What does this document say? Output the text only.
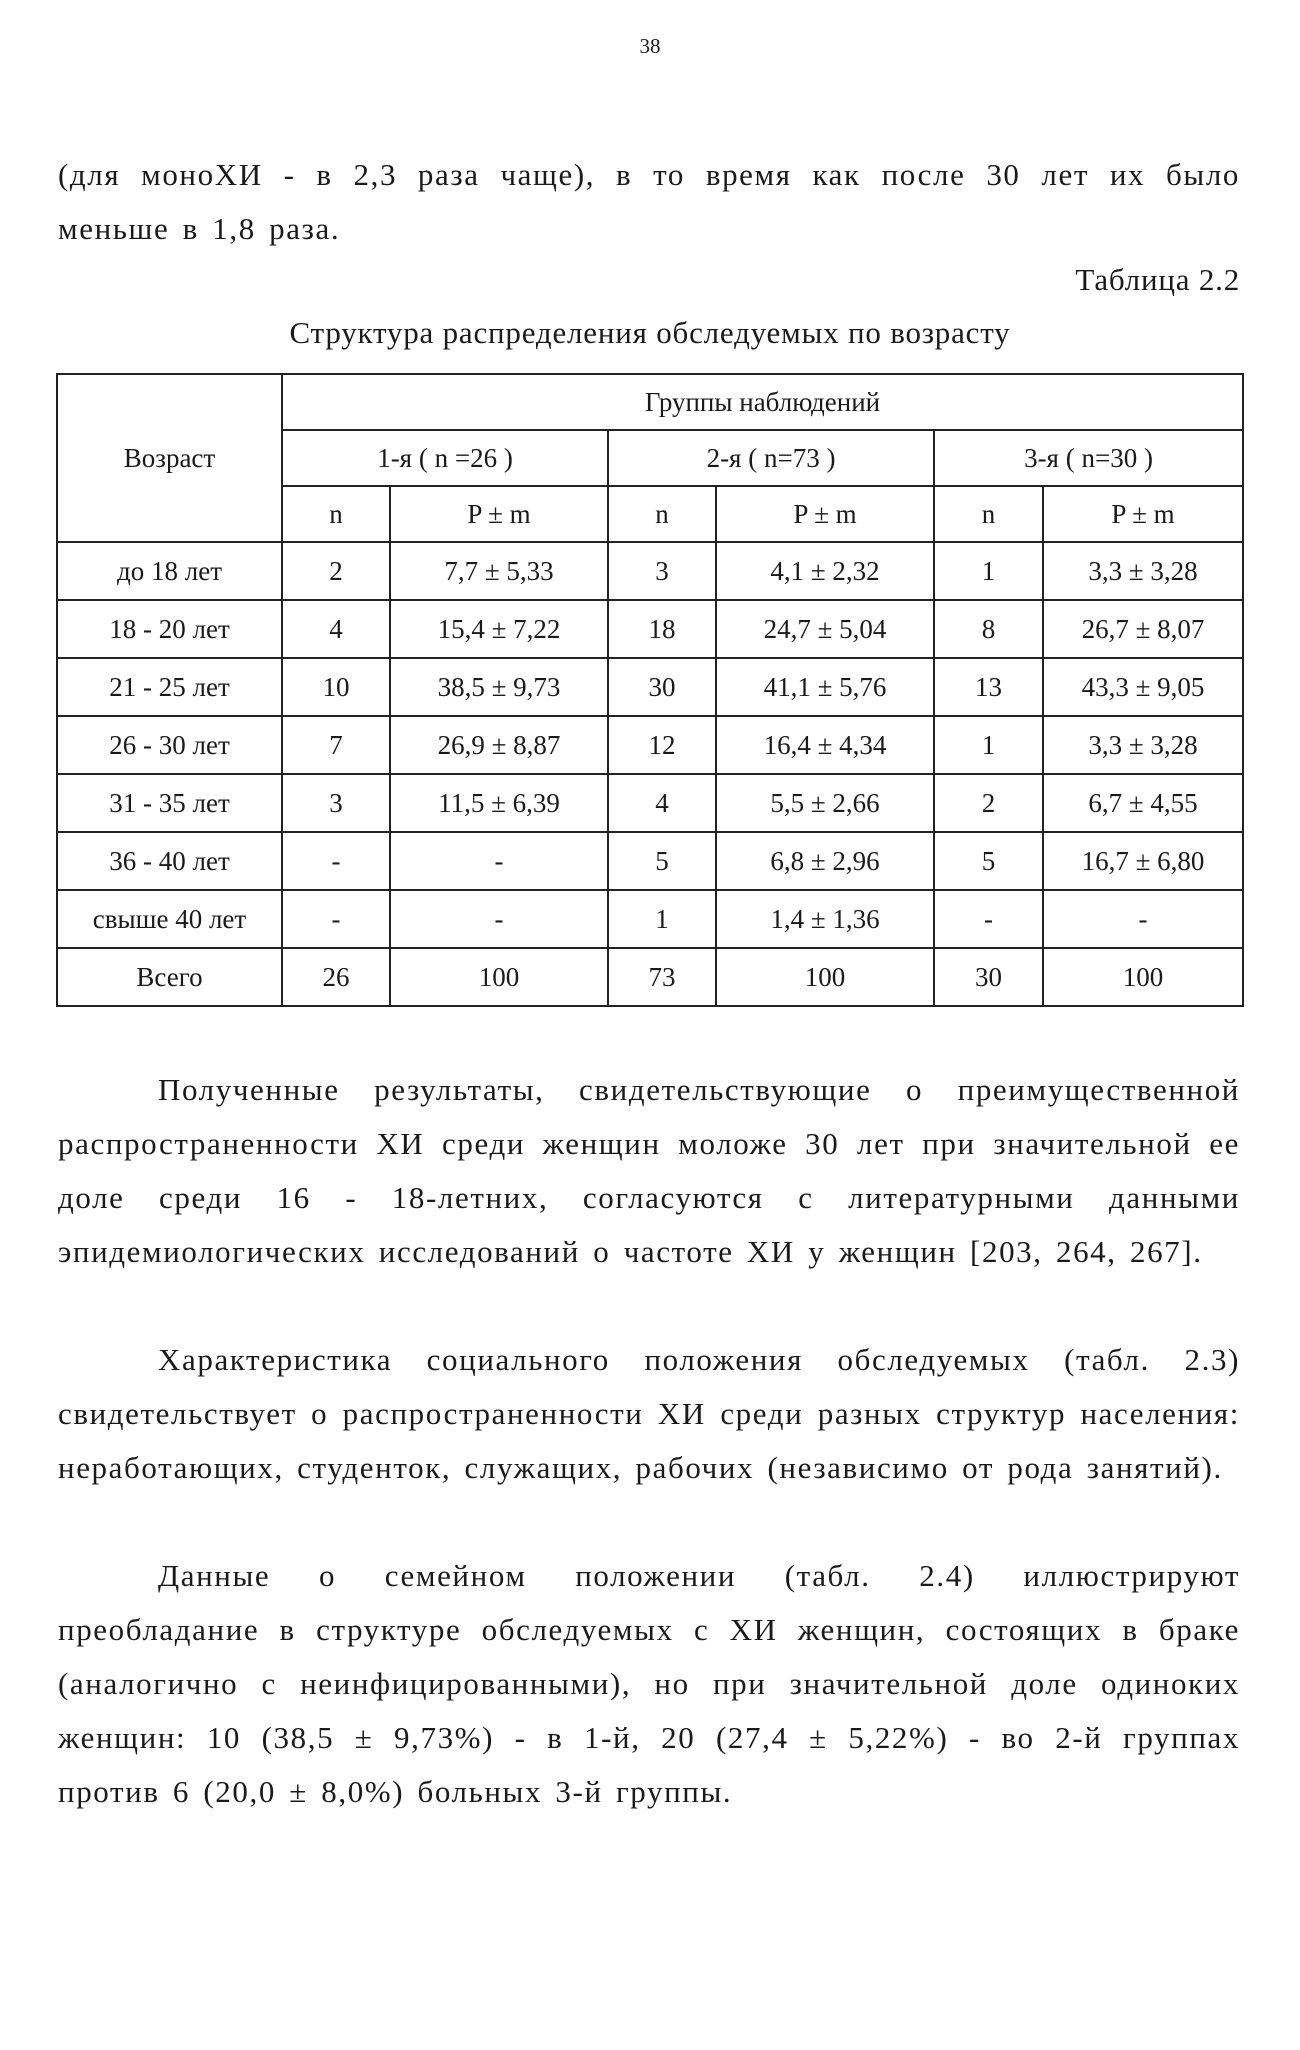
38

(для моноХИ - в 2,3 раза чаще), в то время как после 30 лет их было меньше в 1,8 раза.

Таблица 2.2
Структура распределения обследуемых по возрасту
Возраст	Группы наблюдений					
	1-я ( n =26 )		2-я ( n=73 )		3-я ( n=30 )	
	n	P ± m	n	P ± m	n	P ± m
до 18 лет	2	7,7 ± 5,33	3	4,1 ± 2,32	1	3,3 ± 3,28
18 - 20 лет	4	15,4 ± 7,22	18	24,7 ± 5,04	8	26,7 ± 8,07
21 - 25 лет	10	38,5 ± 9,73	30	41,1 ± 5,76	13	43,3 ± 9,05
26 - 30 лет	7	26,9 ± 8,87	12	16,4 ± 4,34	1	3,3 ± 3,28
31 - 35 лет	3	11,5 ± 6,39	4	5,5 ± 2,66	2	6,7 ± 4,55
36 - 40 лет	-	-	5	6,8 ± 2,96	5	16,7 ± 6,80
свыше 40 лет	-	-	1	1,4 ± 1,36	-	-
Всего	26	100	73	100	30	100

Полученные результаты, свидетельствующие о преимущественной распространенности ХИ среди женщин моложе 30 лет при значительной ее доле среди 16 - 18-летних, согласуются с литературными данными эпидемиологических исследований о частоте ХИ у женщин [203, 264, 267].

Характеристика социального положения обследуемых (табл. 2.3) свидетельствует о распространенности ХИ среди разных структур населения: неработающих, студенток, служащих, рабочих (независимо от рода занятий).

Данные о семейном положении (табл. 2.4) иллюстрируют преобладание в структуре обследуемых с ХИ женщин, состоящих в браке (аналогично с неинфицированными), но при значительной доле одиноких женщин: 10 (38,5 ± 9,73%) - в 1-й, 20 (27,4 ± 5,22%) - во 2-й группах против 6 (20,0 ± 8,0%) больных 3-й группы.
